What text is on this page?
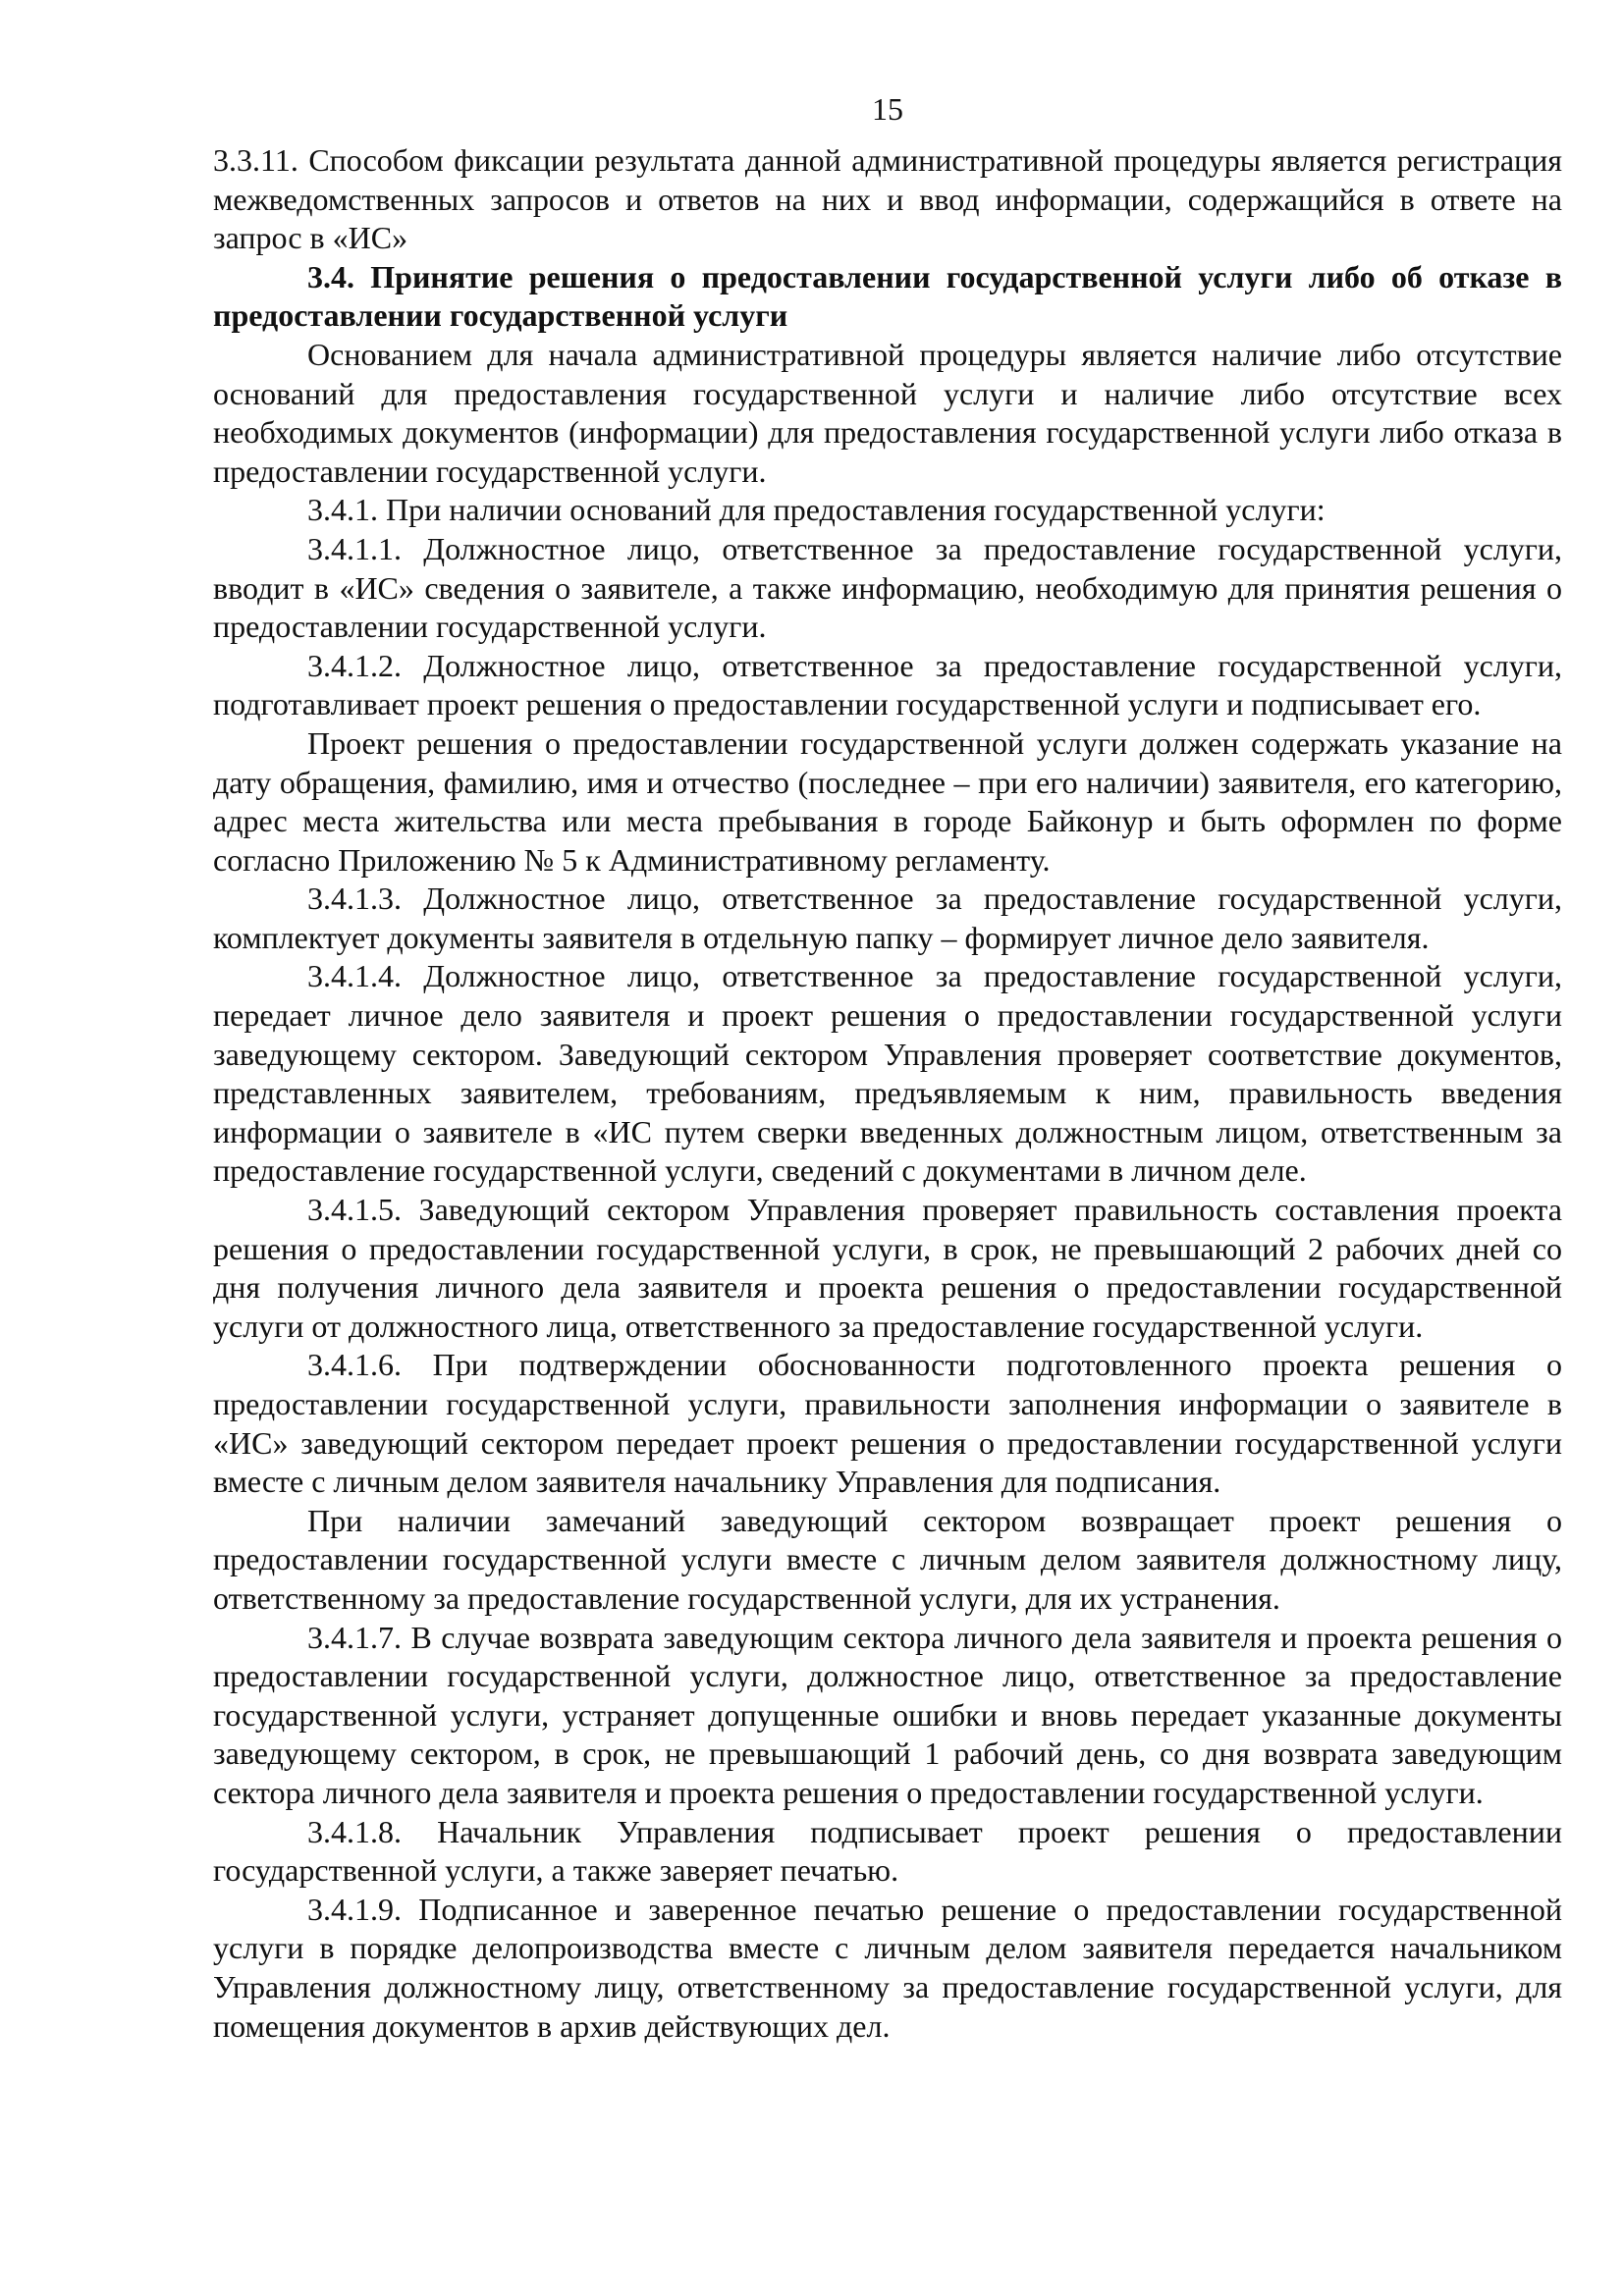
15

3.3.11. Способом фиксации результата данной административной процедуры является регистрация межведомственных запросов и ответов на них и ввод информации, содержащийся в ответе на запрос в «ИС»

3.4. Принятие решения о предоставлении государственной услуги либо об отказе в предоставлении государственной услуги

Основанием для начала административной процедуры является наличие либо отсутствие оснований для предоставления государственной услуги и наличие либо отсутствие всех необходимых документов (информации) для предоставления государственной услуги либо отказа в предоставлении государственной услуги.

3.4.1. При наличии оснований для предоставления государственной услуги:

3.4.1.1. Должностное лицо, ответственное за предоставление государственной услуги, вводит в «ИС» сведения о заявителе, а также информацию, необходимую для принятия решения о предоставлении государственной услуги.

3.4.1.2. Должностное лицо, ответственное за предоставление государственной услуги, подготавливает проект решения о предоставлении государственной услуги и подписывает его.

Проект решения о предоставлении государственной услуги должен содержать указание на дату обращения, фамилию, имя и отчество (последнее – при его наличии) заявителя, его категорию, адрес места жительства или места пребывания в городе Байконур и быть оформлен по форме согласно Приложению № 5 к Административному регламенту.

3.4.1.3. Должностное лицо, ответственное за предоставление государственной услуги, комплектует документы заявителя в отдельную папку – формирует личное дело заявителя.

3.4.1.4. Должностное лицо, ответственное за предоставление государственной услуги, передает личное дело заявителя и проект решения о предоставлении государственной услуги заведующему сектором. Заведующий сектором Управления проверяет соответствие документов, представленных заявителем, требованиям, предъявляемым к ним, правильность введения информации о заявителе в «ИС путем сверки введенных должностным лицом, ответственным за предоставление государственной услуги, сведений с документами в личном деле.

3.4.1.5. Заведующий сектором Управления проверяет правильность составления проекта решения о предоставлении государственной услуги, в срок, не превышающий 2 рабочих дней со дня получения личного дела заявителя и проекта решения о предоставлении государственной услуги от должностного лица, ответственного за предоставление государственной услуги.

3.4.1.6. При подтверждении обоснованности подготовленного проекта решения о предоставлении государственной услуги, правильности заполнения информации о заявителе в «ИС» заведующий сектором передает проект решения о предоставлении государственной услуги вместе с личным делом заявителя начальнику Управления для подписания.

При наличии замечаний заведующий сектором возвращает проект решения о предоставлении государственной услуги вместе с личным делом заявителя должностному лицу, ответственному за предоставление государственной услуги, для их устранения.

3.4.1.7. В случае возврата заведующим сектора личного дела заявителя и проекта решения о предоставлении государственной услуги, должностное лицо, ответственное за предоставление государственной услуги, устраняет допущенные ошибки и вновь передает указанные документы заведующему сектором, в срок, не превышающий 1 рабочий день, со дня возврата заведующим сектора личного дела заявителя и проекта решения о предоставлении государственной услуги.

3.4.1.8. Начальник Управления подписывает проект решения о предоставлении государственной услуги, а также заверяет печатью.

3.4.1.9. Подписанное и заверенное печатью решение о предоставлении государственной услуги в порядке делопроизводства вместе с личным делом заявителя передается начальником Управления должностному лицу, ответственному за предоставление государственной услуги, для помещения документов в архив действующих дел.
